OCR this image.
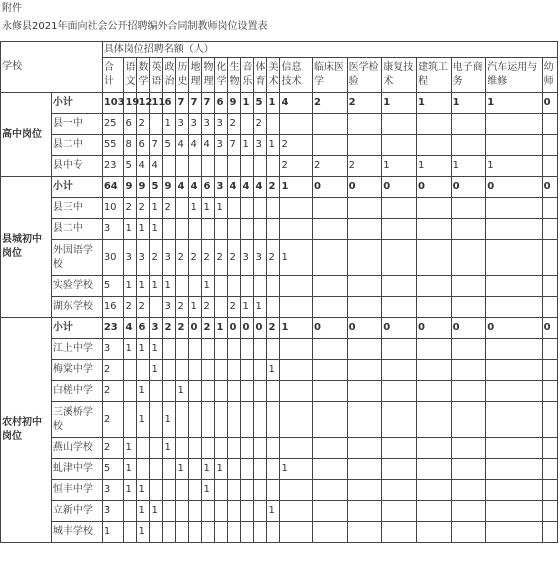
附件
永修县2021年面向社会公开招聘编外合同制教师岗位设置表
学校		具体岗位招聘名额（人）																				
		合计	语文	数学	英语	政治	历史	地理	物理	化学	生物	音乐	体育	美术	信息技术	临床医学	医学检验	康复技术	建筑工程	电子商务	汽车运用与维修	幼师
高中岗位	小计	103	19	12	11	6	7	7	7	6	9	1	5	1	4	2	2	1	1	1	1	0
	县一中	25	6	2		1	3	3	3	3	2		2									
	县二中	55	8	6	7	5	4	4	4	3	7	1	3	1	2							
	县中专	23	5	4	4										2	2	2	1	1	1	1	
县城初中岗位	小计	64	9	9	5	9	4	4	6	3	4	4	4	2	1	0	0	0	0	0	0	0
	县三中	10	2	2	1	2		1	1	1												
	县二中	3	1	1	1																	
	外国语学校	30	3	3	2	3	2	2	2	2	2	3	3	2	1							
	实验学校	5	1	1	1	1			1													
	湖东学校	16	2	2		3	2	1	2		2	1	1									
农村初中岗位	小计	23	4	6	3	2	2	0	2	1	0	0	0	2	1	0	0	0	0	0	0	0
	江上中学	3	1	1	1																	
	梅棠中学	2			1									1								
	白槎中学	2		1			1															
	三溪桥学校	2		1		1																
	燕山学校	2	1			1																
	虬津中学	5	1				1		1	1					1							
	恒丰中学	3	1	1					1													
	立新中学	3		1	1									1								
	城丰学校	1		1																		
